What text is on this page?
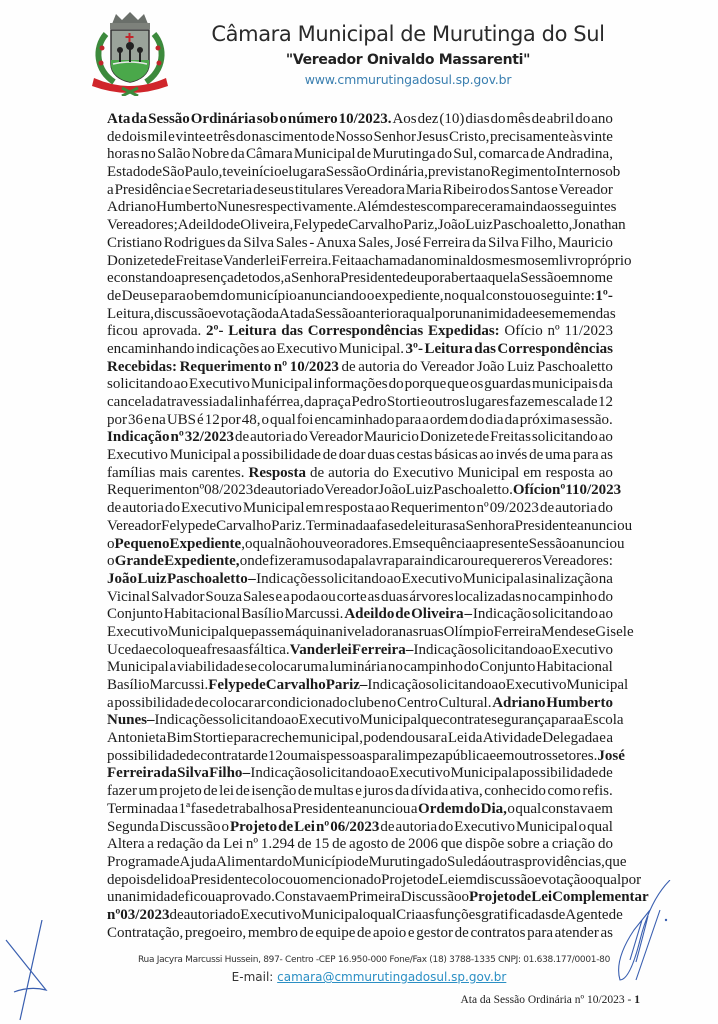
Câmara Municipal de Murutinga do Sul
"Vereador Onivaldo Massarenti"
www.cmmurutingadosul.sp.gov.br
Ata da Sessão Ordinária sob o número 10/2023. Aos dez (10) dias do mês de abril do ano
de dois mil e vinte e três do nascimento de Nosso Senhor Jesus Cristo, precisamente às vinte
horas no Salão Nobre da Câmara Municipal de Murutinga do Sul, comarca de Andradina,
Estado de São Paulo, teve início e lugar a Sessão Ordinária, prevista no Regimento Interno sob
a Presidência e Secretaria de seus titulares Vereadora Maria Ribeiro dos Santos e Vereador
Adriano Humberto Nunes respectivamente. Além destes compareceram ainda os seguintes
Vereadores; Adeildo de Oliveira, Felype de Carvalho Pariz, João Luiz Paschoaletto, Jonathan
Cristiano Rodrigues da Silva Sales - Anuxa Sales, José Ferreira da Silva Filho, Mauricio
Donizete de Freitas e Vanderlei Ferreira. Feita a chamada nominal dos mesmos em livro próprio
e constando a presença de todos, a Senhora Presidente deu por aberta aquela Sessão em nome
de Deus e para o bem do município anunciando o expediente, no qual constou o seguinte: 1º-
Leitura, discussão e votação da Ata da Sessão anterior a qual por unanimidade e sem emendas
ficou aprovada. 2º- Leitura das Correspondências Expedidas: Ofício nº 11/2023
encaminhando indicações ao Executivo Municipal. 3º- Leitura das Correspondências
Recebidas: Requerimento nº 10/2023 de autoria do Vereador João Luiz Paschoaletto
solicitando ao Executivo Municipal informações do porque que os guardas municipais da
cancela da travessia da linha férrea, da praça Pedro Storti e outros lugares fazem escala de 12
por 36 e na UBS é 12 por 48, o qual foi encaminhado para a ordem do dia da próxima sessão.
Indicação nº 32/2023 de autoria do Vereador Mauricio Donizete de Freitas solicitando ao
Executivo Municipal a possibilidade de doar duas cestas básicas ao invés de uma para as
famílias mais carentes. Resposta de autoria do Executivo Municipal em resposta ao
Requerimento nº 08/2023 de autoria do Vereador João Luiz Paschoaletto. Ofício nº 110/2023
de autoria do Executivo Municipal em resposta ao Requerimento nº 09/2023 de autoria do
Vereador Felype de Carvalho Pariz. Terminada a fase de leituras a Senhora Presidente anunciou
o Pequeno Expediente, o qual não houve oradores. Em sequência a presente Sessão anunciou
o Grande Expediente, onde fizeram uso da palavra para indicar ou requerer os Vereadores:
João Luiz Paschoaletto – Indicações solicitando ao Executivo Municipal a sinalização na
Vicinal Salvador Souza Sales e a poda ou corte as duas árvores localizadas no campinho do
Conjunto Habitacional Basílio Marcussi. Adeildo de Oliveira – Indicação solicitando ao
Executivo Municipal que passe máquina niveladora nas ruas Olímpio Ferreira Mendes e Gisele
Uceda e coloque a fresa asfáltica. Vanderlei Ferreira – Indicação solicitando ao Executivo
Municipal a viabilidade se colocar uma luminária no campinho do Conjunto Habitacional
Basílio Marcussi. Felype de Carvalho Pariz – Indicação solicitando ao Executivo Municipal
a possibilidade de colocar ar condicionado clube no Centro Cultural. Adriano Humberto
Nunes – Indicações solicitando ao Executivo Municipal que contrate segurança para a Escola
Antonieta Bim Storti e para creche municipal, podendo usar a Lei da Atividade Delegada e a
possibilidade de contratar de 12 ou mais pessoas para limpeza pública e em outros setores. José
Ferreira da Silva Filho – Indicação solicitando ao Executivo Municipal a possibilidade de
fazer um projeto de lei de isenção de multas e juros da dívida ativa, conhecido como refis.
Terminada a 1ª fase de trabalhos a Presidente anunciou a Ordem do Dia, o qual constava em
Segunda Discussão o Projeto de Lei nº 06/2023 de autoria do Executivo Municipal o qual
Altera a redação da Lei nº 1.294 de 15 de agosto de 2006 que dispõe sobre a criação do
Programa de Ajuda Alimentar do Município de Murutinga do Sul e dá outras providências, que
depois de lido a Presidente colocou o mencionado Projeto de Lei em discussão e votação o qual por
unanimidade ficou aprovado. Constava em Primeira Discussão o Projeto de Lei Complementar
nº 03/2023 de autoria do Executivo Municipal o qual Cria as funções gratificadas de Agente de
Contratação, pregoeiro, membro de equipe de apoio e gestor de contratos para atender as
Rua Jacyra Marcussi Hussein, 897- Centro -CEP 16.950-000 Fone/Fax (18) 3788-1335 CNPJ: 01.638.177/0001-80
E-mail: camara@cmmurutingadosul.sp.gov.br
Ata da Sessão Ordinária nº 10/2023 - 1
